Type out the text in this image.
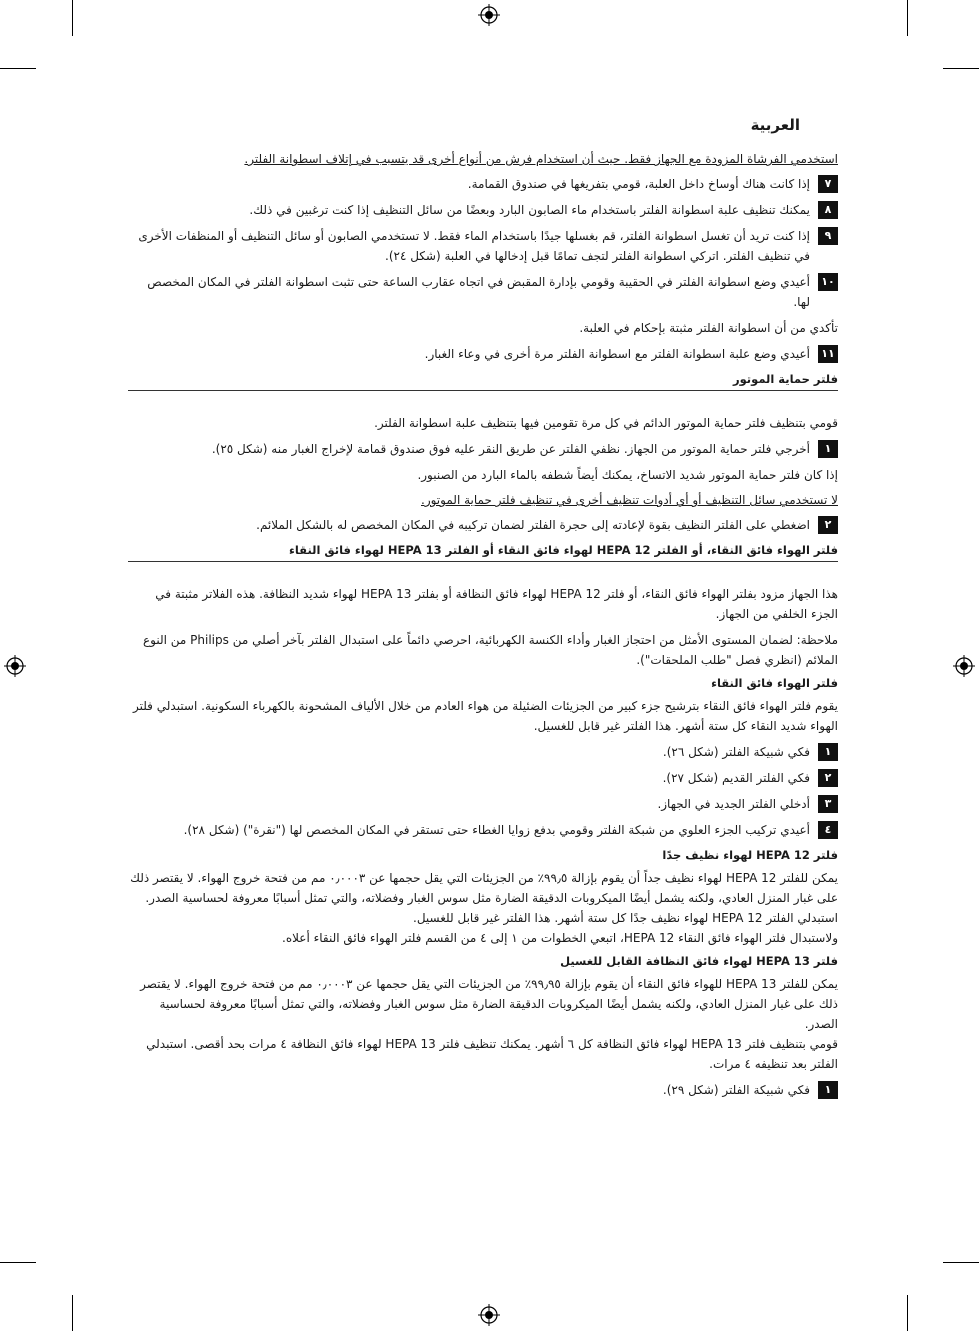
العربية

استخدمي الفرشاة المزودة مع الجهاز فقط. حيث أن استخدام فرش من أنواع أخرى قد يتسبب في إتلاف اسطوانة الفلتر.

٧
إذا كانت هناك أوساخ داخل العلبة، قومي بتفريغها في صندوق القمامة.
٨
يمكنك تنظيف علبة اسطوانة الفلتر باستخدام ماء الصابون البارد وبعضًا من سائل التنظيف إذا كنت ترغبين في ذلك.
٩
إذا كنت تريد أن تغسل اسطوانة الفلتر، قم بغسلها جيدًا باستخدام الماء فقط. لا تستخدمي الصابون أو سائل التنظيف أو المنظفات الأخرى في تنظيف الفلتر. اتركي اسطوانة الفلتر لتجف تمامًا قبل إدخالها في العلبة (شكل ٢٤).
١٠
أعيدي وضع اسطوانة الفلتر في الحقيبة وقومي بإدارة المقبض في اتجاه عقارب الساعة حتى تثبت اسطوانة الفلتر في المكان المخصص لها.

تأكدي من أن اسطوانة الفلتر مثبتة بإحكام في العلبة.

١١
أعيدي وضع علبة اسطوانة الفلتر مع اسطوانة الفلتر مرة أخرى في وعاء الغبار.
فلتر حماية الموتور

قومي بتنظيف فلتر حماية الموتور الدائم في كل مرة تقومين فيها بتنظيف علبة اسطوانة الفلتر.

١
أخرجي فلتر حماية الموتور من الجهاز. نظفي الفلتر عن طريق النقر عليه فوق صندوق قمامة لإخراج الغبار منه (شكل ٢٥).

إذا كان فلتر حماية الموتور شديد الاتساخ، يمكنك أيضاً شطفه بالماء البارد من الصنبور.

لا تستخدمي سائل التنظيف أو أي أدوات تنظيف أخرى في تنظيف فلتر حماية الموتور.

٢
اضغطي على الفلتر النظيف بقوة لإعادته إلى حجرة الفلتر لضمان تركيبه في المكان المخصص له بالشكل الملائم.
فلتر الهواء فائق النقاء، أو الفلتر HEPA 12 لهواء فائق النقاء أو الفلتر HEPA 13 لهواء فائق النقاء

هذا الجهاز مزود بفلتر الهواء فائق النقاء، أو فلتر HEPA 12 لهواء فائق النظافة أو بفلتر HEPA 13 لهواء شديد النظافة. هذه الفلاتر مثبتة في الجزء الخلفي من الجهاز.

ملاحظة: لضمان المستوى الأمثل من احتجاز الغبار وأداء الكنسة الكهربائية، احرصي دائماً على استبدال الفلتر بآخر أصلي من Philips من النوع الملائم (انظري فصل "طلب الملحقات").

فلتر الهواء فائق النقاء

يقوم فلتر الهواء فائق النقاء بترشيح جزء كبير من الجزيئات الضئيلة من هواء العادم من خلال الألياف المشحونة بالكهرباء السكونية. استبدلي فلتر الهواء شديد النقاء كل ستة أشهر. هذا الفلتر غير قابل للغسيل.

١
فكي شبيكة الفلتر (شكل ٢٦).
٢
فكي الفلتر القديم (شكل ٢٧).
٣
أدخلي الفلتر الجديد في الجهاز.
٤
أعيدي تركيب الجزء العلوي من شبكة الفلتر وقومي بدفع زوايا الغطاء حتى تستقر في المكان المخصص لها ("نقرة") (شكل ٢٨).
فلتر HEPA 12 لهواء نظيف جدًا

يمكن للفلتر HEPA 12 لهواء نظيف جداً أن يقوم بإزالة ٩٩٫٥٪ من الجزيئات التي يقل حجمها عن ٠٫٠٠٠٣ مم من فتحة خروج الهواء. لا يقتصر ذلك على غبار المنزل العادي، ولكنه يشمل أيضًا الميكروبات الدقيقة الضارة مثل سوس الغبار وفضلاته، والتي تمثل أسبابًا معروفة لحساسية الصدر.

استبدلي الفلتر HEPA 12 لهواء نظيف جدًا كل ستة أشهر. هذا الفلتر غير قابل للغسيل.

ولاستبدال فلتر الهواء فائق النقاء HEPA 12، اتبعي الخطوات من ١ إلى ٤ من القسم فلتر الهواء فائق النقاء أعلاه.

فلتر HEPA 13 لهواء فائق النظافة القابل للغسيل

يمكن للفلتر HEPA 13 للهواء فائق النقاء أن يقوم بإزالة ٩٩٫٩٥٪ من الجزيئات التي يقل حجمها عن ٠٫٠٠٠٣ مم من فتحة خروج الهواء. لا يقتصر ذلك على غبار المنزل العادي، ولكنه يشمل أيضًا الميكروبات الدقيقة الضارة مثل سوس الغبار وفضلاته، والتي تمثل أسبابًا معروفة لحساسية الصدر.

قومي بتنظيف فلتر HEPA 13 لهواء فائق النظافة كل ٦ أشهر. يمكنك تنظيف فلتر HEPA 13 لهواء فائق النظافة ٤ مرات بحد أقصى. استبدلي الفلتر بعد تنظيفه ٤ مرات.

١
فكي شبيكة الفلتر (شكل ٢٩).
